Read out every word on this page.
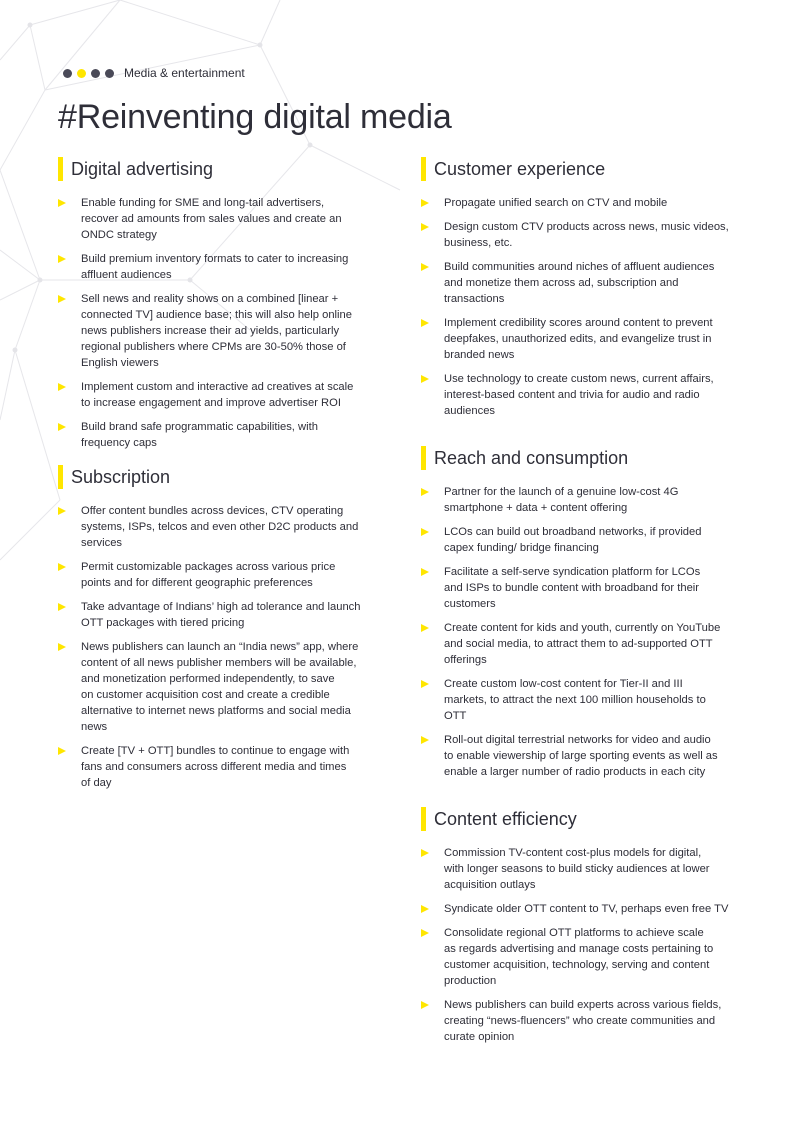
Media & entertainment
#Reinventing digital media
Digital advertising
Enable funding for SME and long-tail advertisers,
recover ad amounts from sales values and create an
ONDC strategy
Build premium inventory formats to cater to increasing
affluent audiences
Sell news and reality shows on a combined [linear +
connected TV] audience base; this will also help online
news publishers increase their ad yields, particularly
regional publishers where CPMs are 30-50% those of
English viewers
Implement custom and interactive ad creatives at scale
to increase engagement and improve advertiser ROI
Build brand safe programmatic capabilities, with
frequency caps
Subscription
Offer content bundles across devices, CTV operating
systems, ISPs, telcos and even other D2C products and
services
Permit customizable packages across various price
points and for different geographic preferences
Take advantage of Indians’ high ad tolerance and launch
OTT packages with tiered pricing
News publishers can launch an “India news” app, where
content of all news publisher members will be available,
and monetization performed independently, to save
on customer acquisition cost and create a credible
alternative to internet news platforms and social media
news
Create [TV + OTT] bundles to continue to engage with
fans and consumers across different media and times
of day
Customer experience
Propagate unified search on CTV and mobile
Design custom CTV products across news, music videos,
business, etc.
Build communities around niches of affluent audiences
and monetize them across ad, subscription and
transactions
Implement credibility scores around content to prevent
deepfakes, unauthorized edits, and evangelize trust in
branded news
Use technology to create custom news, current affairs,
interest-based content and trivia for audio and radio
audiences
Reach and consumption
Partner for the launch of a genuine low-cost 4G
smartphone + data + content offering
LCOs can build out broadband networks, if provided
capex funding/ bridge financing
Facilitate a self-serve syndication platform for LCOs
and ISPs to bundle content with broadband for their
customers
Create content for kids and youth, currently on YouTube
and social media, to attract them to ad-supported OTT
offerings
Create custom low-cost content for Tier-II and III
markets, to attract the next 100 million households to
OTT
Roll-out digital terrestrial networks for video and audio
to enable viewership of large sporting events as well as
enable a larger number of radio products in each city
Content efficiency
Commission TV-content cost-plus models for digital,
with longer seasons to build sticky audiences at lower
acquisition outlays
Syndicate older OTT content to TV, perhaps even free TV
Consolidate regional OTT platforms to achieve scale
as regards advertising and manage costs pertaining to
customer acquisition, technology, serving and content
production
News publishers can build experts across various fields,
creating “news-fluencers” who create communities and
curate opinion
